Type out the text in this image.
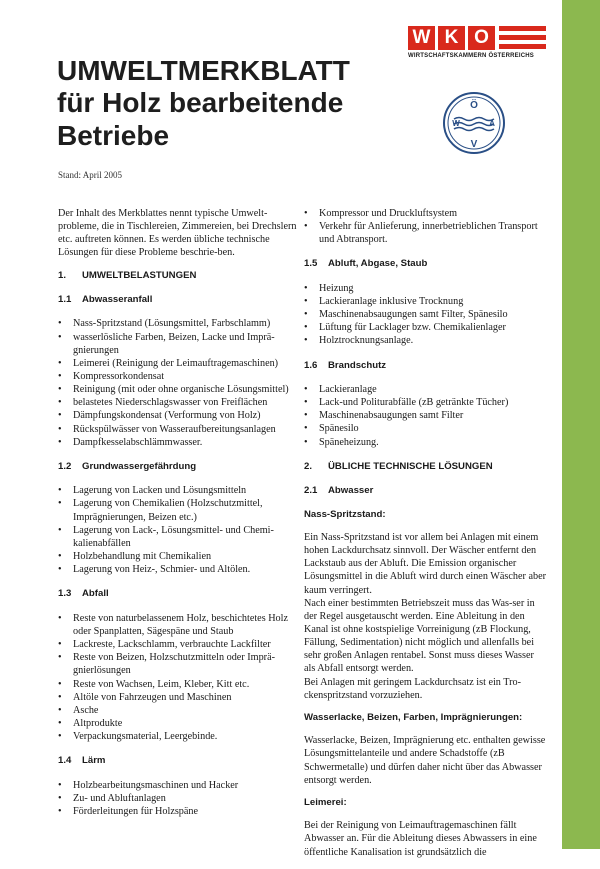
UMWELTMERKBLATT
für Holz bearbeitende
Betriebe
Stand: April 2005
W K O
WIRTSCHAFTSKAMMERN ÖSTERREICHS
Ö
W	A
V

Der Inhalt des Merkblattes nennt typische Umwelt-probleme, die in Tischlereien, Zimmereien, bei Drechslern etc. auftreten können. Es werden übliche technische Lösungen für diese Probleme beschrie-ben.

1. UMWELTBELASTUNGEN
1.1 Abwasseranfall
• Nass-Spritzstand (Lösungsmittel, Farbschlamm)
• wasserlösliche Farben, Beizen, Lacke und Imprä-gnierungen
• Leimerei (Reinigung der Leimauftragemaschinen)
• Kompressorkondensat
• Reinigung (mit oder ohne organische Lösungsmittel)
• belastetes Niederschlagswasser von Freiflächen
• Dämpfungskondensat (Verformung von Holz)
• Rückspülwässer von Wasseraufbereitungsanlagen
• Dampfkesselabschlämmwasser.
1.2 Grundwassergefährdung
• Lagerung von Lacken und Lösungsmitteln
• Lagerung von Chemikalien (Holzschutzmittel, Imprägnierungen, Beizen etc.)
• Lagerung von Lack-, Lösungsmittel- und Chemi-kalienabfällen
• Holzbehandlung mit Chemikalien
• Lagerung von Heiz-, Schmier- und Altölen.
1.3 Abfall
• Reste von naturbelassenem Holz, beschichtetes Holz oder Spanplatten, Sägespäne und Staub
• Lackreste, Lackschlamm, verbrauchte Lackfilter
• Reste von Beizen, Holzschutzmitteln oder Imprä-gnierlösungen
• Reste von Wachsen, Leim, Kleber, Kitt etc.
• Altöle von Fahrzeugen und Maschinen
• Asche
• Altprodukte
• Verpackungsmaterial, Leergebinde.
1.4 Lärm
• Holzbearbeitungsmaschinen und Hacker
• Zu- und Abluftanlagen
• Förderleitungen für Holzspäne
• Kompressor und Druckluftsystem
• Verkehr für Anlieferung, innerbetrieblichen Transport und Abtransport.
1.5 Abluft, Abgase, Staub
• Heizung
• Lackieranlage inklusive Trocknung
• Maschinenabsaugungen samt Filter, Spänesilo
• Lüftung für Lacklager bzw. Chemikalienlager
• Holztrocknungsanlage.
1.6 Brandschutz
• Lackieranlage
• Lack-und Politurabfälle (zB getränkte Tücher)
• Maschinenabsaugungen samt Filter
• Spänesilo
• Späneheizung.
2. ÜBLICHE TECHNISCHE LÖSUNGEN
2.1 Abwasser

Nass-Spritzstand:

Ein Nass-Spritzstand ist vor allem bei Anlagen mit einem hohen Lackdurchsatz sinnvoll. Der Wäscher entfernt den Lackstaub aus der Abluft. Die Emission organischer Lösungsmittel in die Abluft wird durch einen Wäscher aber kaum verringert.

Nach einer bestimmten Betriebszeit muss das Was-ser in der Regel ausgetauscht werden. Eine Ableitung in den Kanal ist ohne kostspielige Vorreinigung (zB Flockung, Fällung, Sedimentation) nicht möglich und allenfalls bei sehr großen Anlagen rentabel. Sonst muss dieses Wasser als Abfall entsorgt werden.

Bei Anlagen mit geringem Lackdurchsatz ist ein Tro-ckenspritzstand vorzuziehen.

Wasserlacke, Beizen, Farben, Imprägnierungen:

Wasserlacke, Beizen, Imprägnierung etc. enthalten gewisse Lösungsmittelanteile und andere Schadstoffe (zB Schwermetalle) und dürfen daher nicht über das Abwasser entsorgt werden.

Leimerei:

Bei der Reinigung von Leimauftragemaschinen fällt Abwasser an. Für die Ableitung dieses Abwassers in eine öffentliche Kanalisation ist grundsätzlich die
